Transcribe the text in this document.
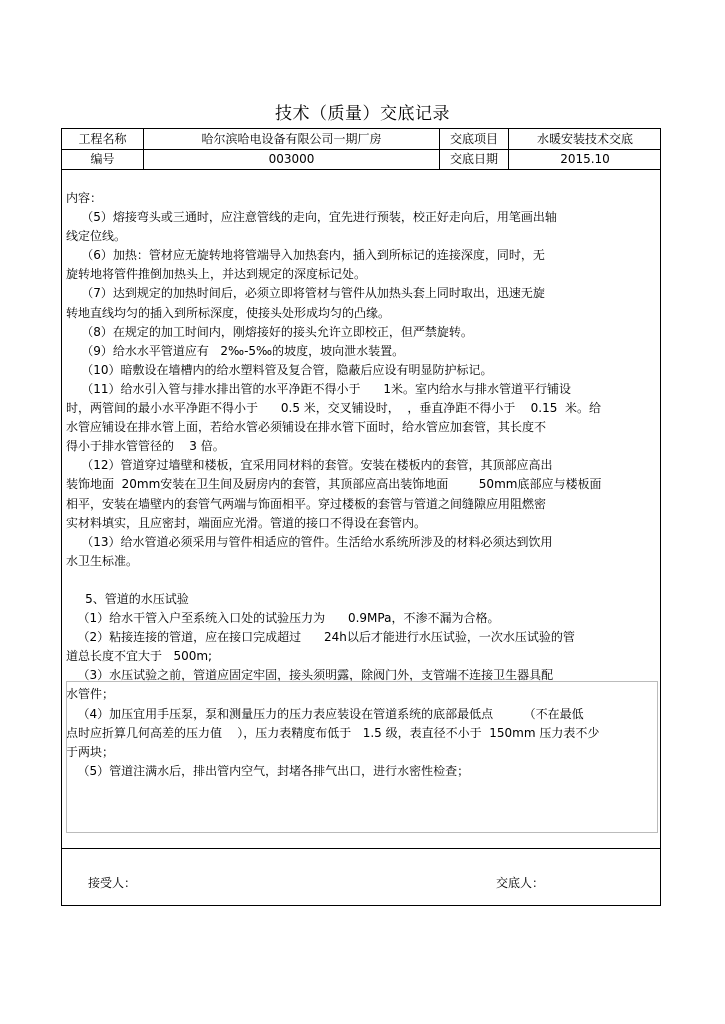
技术（质量）交底记录
工程名称	哈尔滨哈电设备有限公司一期厂房	交底项目	水暖安装技术交底
编号	003000	交底日期	2015.10
内容：
（5）熔接弯头或三通时，应注意管线的走向，宜先进行预装，校正好走向后，用笔画出轴
线定位线。
（6）加热：管材应无旋转地将管端导入加热套内，插入到所标记的连接深度，同时，无
旋转地将管件推倒加热头上，并达到规定的深度标记处。
（7）达到规定的加热时间后，必须立即将管材与管件从加热头套上同时取出，迅速无旋
转地直线均匀的插入到所标深度，使接头处形成均匀的凸缘。
（8）在规定的加工时间内，刚熔接好的接头允许立即校正，但严禁旋转。
（9）给水水平管道应有   2‰-5‰的坡度，坡向泄水装置。
（10）暗敷设在墙槽内的给水塑料管及复合管，隐蔽后应设有明显防护标记。
（11）给水引入管与排水排出管的水平净距不得小于      1米。室内给水与排水管道平行铺设
时，两管间的最小水平净距不得小于      0.5 米，交叉铺设时，  ，垂直净距不得小于    0.15  米。给
水管应铺设在排水管上面，若给水管必须铺设在排水管下面时，给水管应加套管，其长度不
得小于排水管管径的    3 倍。
（12）管道穿过墙壁和楼板，宜采用同材料的套管。安装在楼板内的套管，其顶部应高出
装饰地面  20mm安装在卫生间及厨房内的套管，其顶部应高出装饰地面        50mm底部应与楼板面
相平，安装在墙壁内的套管气两端与饰面相平。穿过楼板的套管与管道之间缝隙应用阻燃密
实材料填实，且应密封，端面应光滑。管道的接口不得设在套管内。
（13）给水管道必须采用与管件相适应的管件。生活给水系统所涉及的材料必须达到饮用
水卫生标准。
5、管道的水压试验
（1）给水干管入户至系统入口处的试验压力为      0.9MPa，不渗不漏为合格。
（2）粘接连接的管道，应在接口完成超过      24h以后才能进行水压试验，一次水压试验的管
道总长度不宜大于   500m;
（3）水压试验之前，管道应固定牢固，接头须明露，除阀门外，支管端不连接卫生器具配
水管件；
（4）加压宜用手压泵，泵和测量压力的压力表应装设在管道系统的底部最低点        （不在最低
点时应折算几何高差的压力值    ），压力表精度布低于   1.5 级，表直径不小于  150mm 压力表不少
于两块；
（5）管道注满水后，排出管内空气，封堵各排气出口，进行水密性检查；
接受人：	交底人：
